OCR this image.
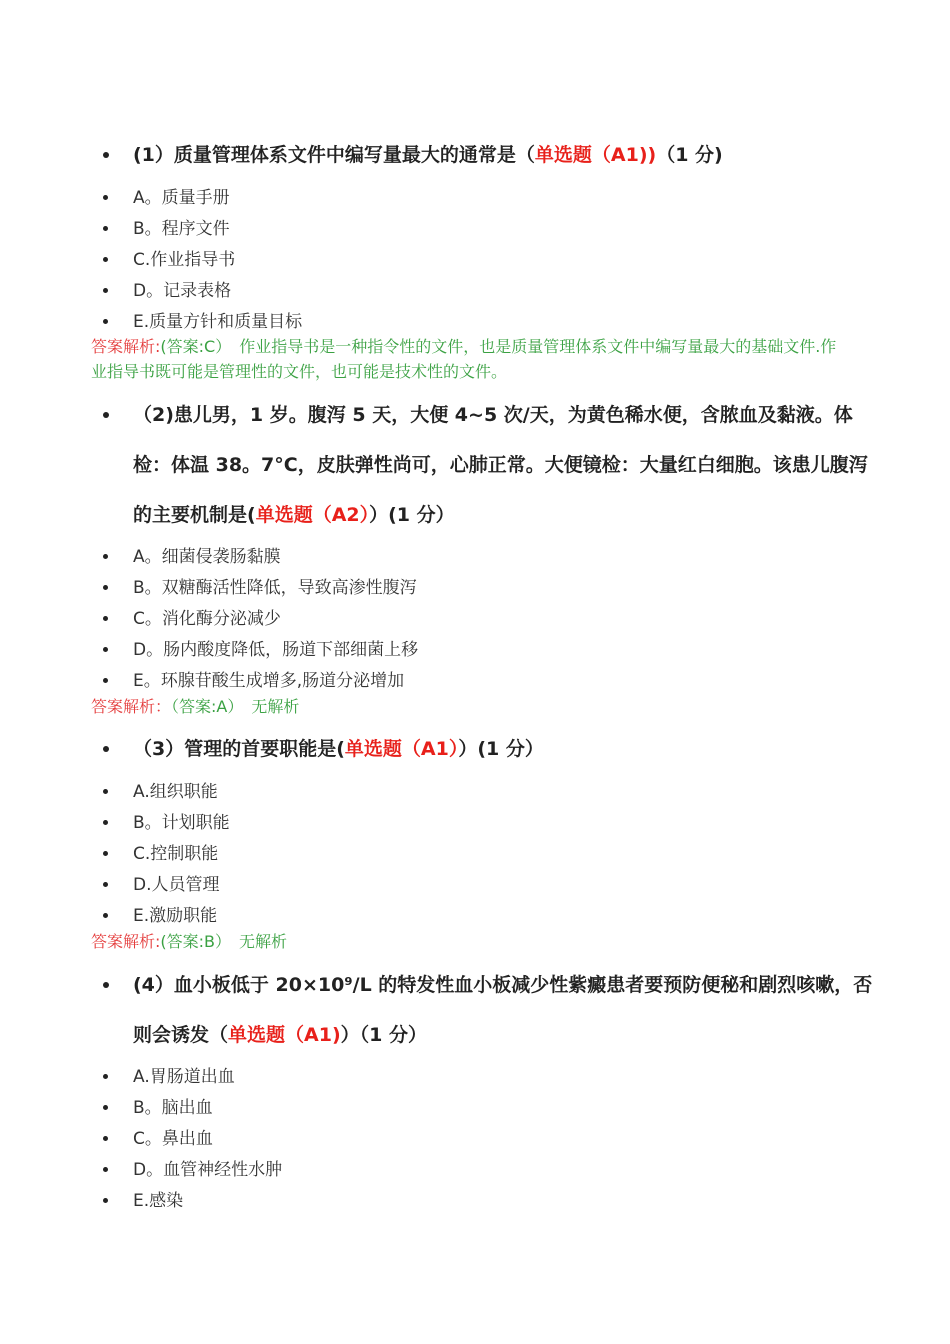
(1）质量管理体系文件中编写量最大的通常是（单选题（A1))（1 分)
A。质量手册
B。程序文件
C.作业指导书
D。记录表格
E.质量方针和质量目标
答案解析:(答案:C）　作业指导书是一种指令性的文件，也是质量管理体系文件中编写量最大的基础文件.作业指导书既可能是管理性的文件，也可能是技术性的文件。
（2)患儿男，1 岁。腹泻 5 天，大便 4~5 次/天，为黄色稀水便，含脓血及黏液。体检：体温 38。7°C，皮肤弹性尚可，心肺正常。大便镜检：大量红白细胞。该患儿腹泻的主要机制是(单选题（A2））(1 分）
A。细菌侵袭肠黏膜
B。双糖酶活性降低，导致高渗性腹泻
C。消化酶分泌减少
D。肠内酸度降低，肠道下部细菌上移
E。环腺苷酸生成增多,肠道分泌增加
答案解析：（答案:A）　无解析
（3）管理的首要职能是(单选题（A1））(1 分）
A.组织职能
B。计划职能
C.控制职能
D.人员管理
E.激励职能
答案解析:(答案:B）　无解析
(4）血小板低于 20×10⁹/L 的特发性血小板减少性紫癜患者要预防便秘和剧烈咳嗽，否则会诱发（单选题（A1)）（1 分）
A.胃肠道出血
B。脑出血
C。鼻出血
D。血管神经性水肿
E.感染
